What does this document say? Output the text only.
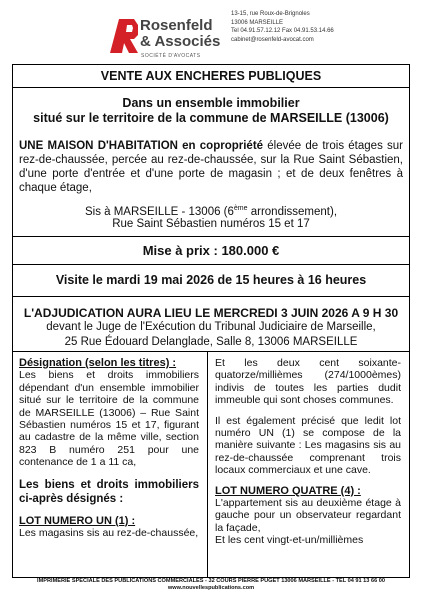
Rosenfeld
& Associés
SOCIÉTÉ D'AVOCATS
13-15, rue Roux-de-Brignoles
13006 MARSEILLE
Tel 04.91.57.12.12 Fax 04.91.53.14.66
cabinet@rosenfeld-avocat.com
VENTE AUX ENCHERES PUBLIQUES
Dans un ensemble immobilier
situé sur le territoire de la commune de MARSEILLE (13006)
UNE MAISON D'HABITATION en copropriété élevée de trois étages sur rez-de-chaussée, percée au rez-de-chaussée, sur la Rue Saint Sébastien, d'une porte d'entrée et d'une porte de magasin ; et de deux fenêtres à chaque étage,
Sis à MARSEILLE - 13006 (6ème arrondissement),
Rue Saint Sébastien numéros 15 et 17
Mise à prix : 180.000 €
Visite le mardi 19 mai 2026 de 15 heures à 16 heures
L'ADJUDICATION AURA LIEU LE MERCREDI 3 JUIN 2026 A 9 H 30
devant le Juge de l'Exécution du Tribunal Judiciaire de Marseille,
25 Rue Édouard Delanglade, Salle 8, 13006 MARSEILLE
Désignation (selon les titres) :
Les biens et droits immobiliers dépendant d'un ensemble immobilier situé sur le territoire de la commune de MARSEILLE (13006) – Rue Saint Sébastien numéros 15 et 17, figurant au cadastre de la même ville, section 823 B numéro 251 pour une contenance de 1 a 11 ca,
Les biens et droits immobiliers ci-après désignés :
LOT NUMERO UN (1) :
Les magasins sis au rez-de-chaussée,
Et les deux cent soixante-quatorze/millièmes (274/1000èmes) indivis de toutes les parties dudit immeuble qui sont choses communes.
Il est également précisé que ledit lot numéro UN (1) se compose de la manière suivante : Les magasins sis au rez-de-chaussée comprenant trois locaux commerciaux et une cave.
LOT NUMERO QUATRE (4) :
L'appartement sis au deuxième étage à gauche pour un observateur regardant la façade,
Et les cent vingt-et-un/millièmes
IMPRIMERIE SPECIALE DES PUBLICATIONS COMMERCIALES - 32 COURS PIERRE PUGET 13006 MARSEILLE - TEL 04 91 13 66 00
www.nouvellespublications.com
